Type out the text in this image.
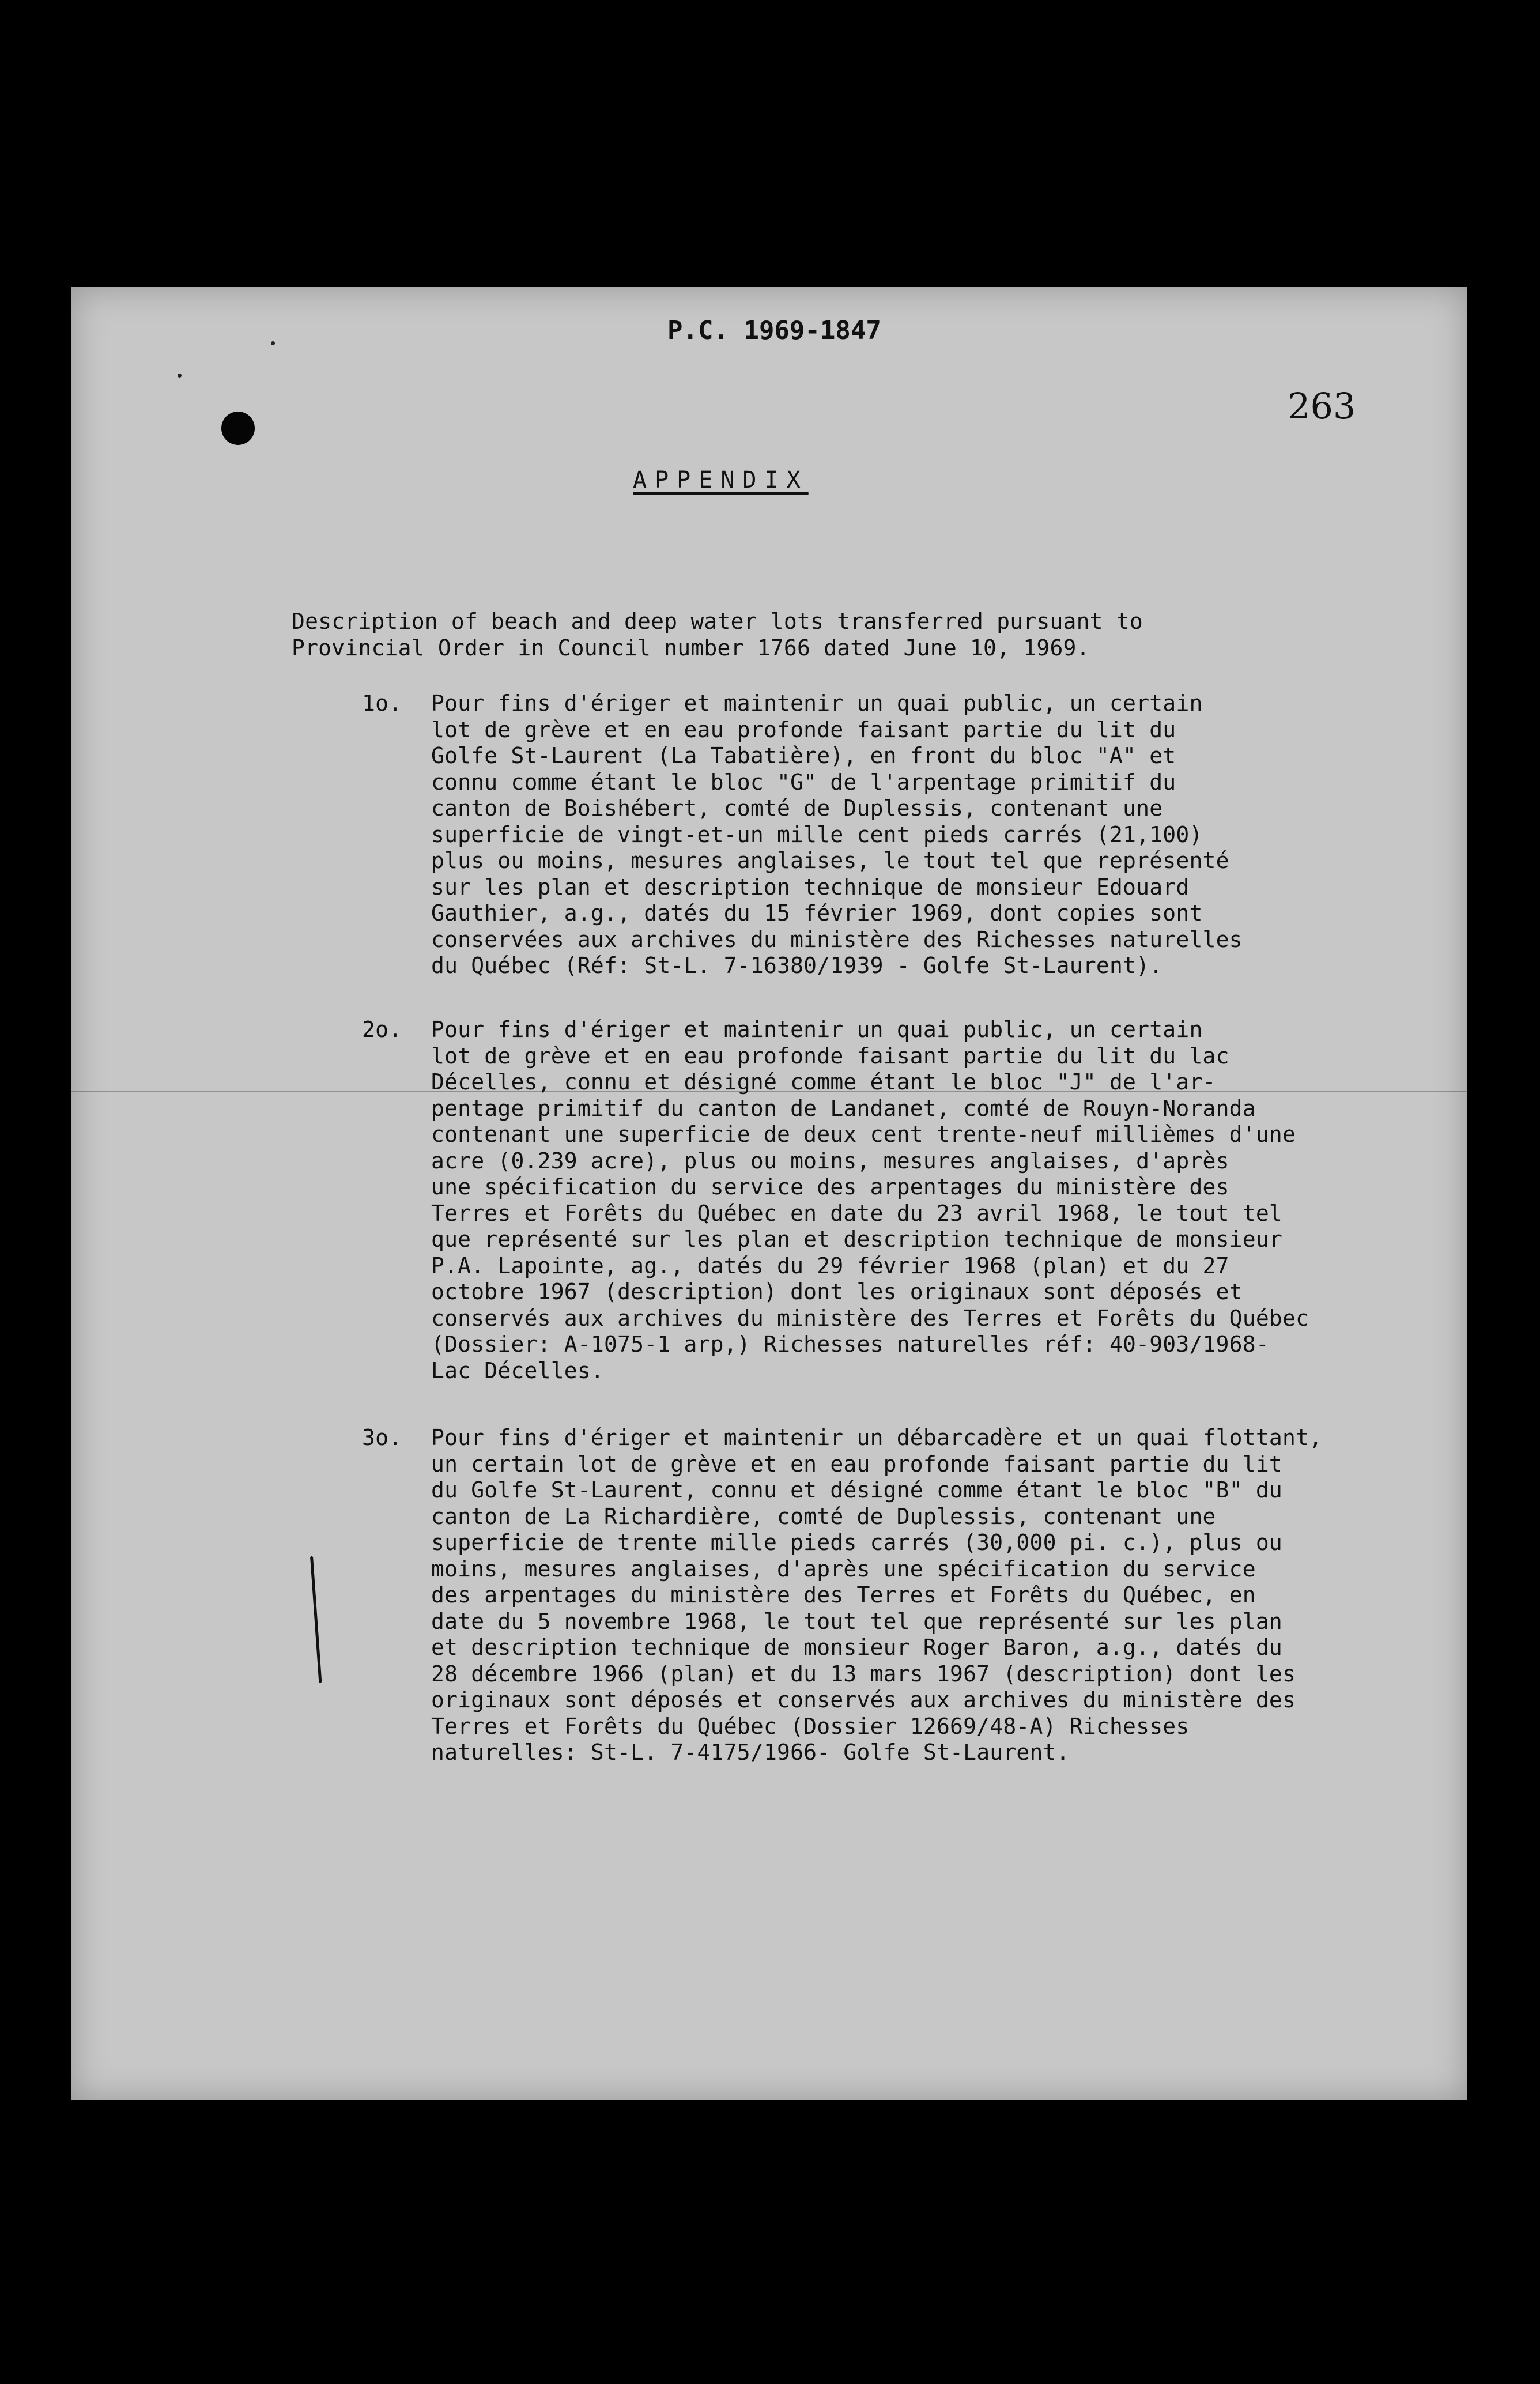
P.C. 1969-1847
263
APPENDIX
Description of beach and deep water lots transferred pursuant to
Provincial Order in Council number 1766 dated June 10, 1969.
1o. Pour fins d'ériger et maintenir un quai public, un certain
lot de grève et en eau profonde faisant partie du lit du
Golfe St-Laurent (La Tabatière), en front du bloc "A" et
connu comme étant le bloc "G" de l'arpentage primitif du
canton de Boishébert, comté de Duplessis, contenant une
superficie de vingt-et-un mille cent pieds carrés (21,100)
plus ou moins, mesures anglaises, le tout tel que représenté
sur les plan et description technique de monsieur Edouard
Gauthier, a.g., datés du 15 février 1969, dont copies sont
conservées aux archives du ministère des Richesses naturelles
du Québec (Réf: St-L. 7-16380/1939 - Golfe St-Laurent).
2o. Pour fins d'ériger et maintenir un quai public, un certain
lot de grève et en eau profonde faisant partie du lit du lac
Décelles, connu et désigné comme étant le bloc "J" de l'ar-
pentage primitif du canton de Landanet, comté de Rouyn-Noranda
contenant une superficie de deux cent trente-neuf millièmes d'une
acre (0.239 acre), plus ou moins, mesures anglaises, d'après
une spécification du service des arpentages du ministère des
Terres et Forêts du Québec en date du 23 avril 1968, le tout tel
que représenté sur les plan et description technique de monsieur
P.A. Lapointe, ag., datés du 29 février 1968 (plan) et du 27
octobre 1967 (description) dont les originaux sont déposés et
conservés aux archives du ministère des Terres et Forêts du Québec
(Dossier: A-1075-1 arp,) Richesses naturelles réf: 40-903/1968-
Lac Décelles.
3o. Pour fins d'ériger et maintenir un débarcadère et un quai flottant,
un certain lot de grève et en eau profonde faisant partie du lit
du Golfe St-Laurent, connu et désigné comme étant le bloc "B" du
canton de La Richardière, comté de Duplessis, contenant une
superficie de trente mille pieds carrés (30,000 pi. c.), plus ou
moins, mesures anglaises, d'après une spécification du service
des arpentages du ministère des Terres et Forêts du Québec, en
date du 5 novembre 1968, le tout tel que représenté sur les plan
et description technique de monsieur Roger Baron, a.g., datés du
28 décembre 1966 (plan) et du 13 mars 1967 (description) dont les
originaux sont déposés et conservés aux archives du ministère des
Terres et Forêts du Québec (Dossier 12669/48-A) Richesses
naturelles: St-L. 7-4175/1966- Golfe St-Laurent.
